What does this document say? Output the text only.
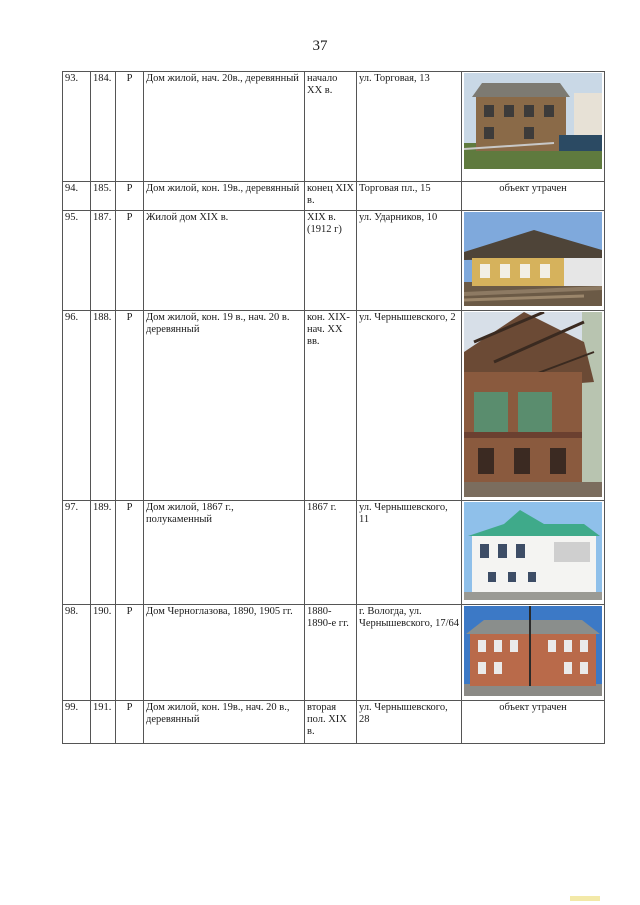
37
93.	184.	Р	Дом жилой, нач. 20в., деревянный	начало XX в.	ул. Торговая, 13	

94.	185.	Р	Дом жилой, кон. 19в., деревянный	конец XIX в.	Торговая пл., 15	объект утрачен
95.	187.	Р	Жилой дом XIX в.	XIX в. (1912 г)	ул. Ударников, 10	

96.	188.	Р	Дом жилой, кон. 19 в., нач. 20 в. деревянный	кон. XIX-нач. XX вв.	ул. Чернышевского, 2	

97.	189.	Р	Дом жилой, 1867 г., полукаменный	1867 г.	ул. Чернышевского, 11	

98.	190.	Р	Дом Черноглазова, 1890, 1905 гг.	1880-1890-е гг.	г. Вологда, ул. Чернышевского, 17/64	

99.	191.	Р	Дом жилой, кон. 19в., нач. 20 в., деревянный	вторая пол. XIX в.	ул. Чернышевского, 28	объект утрачен
